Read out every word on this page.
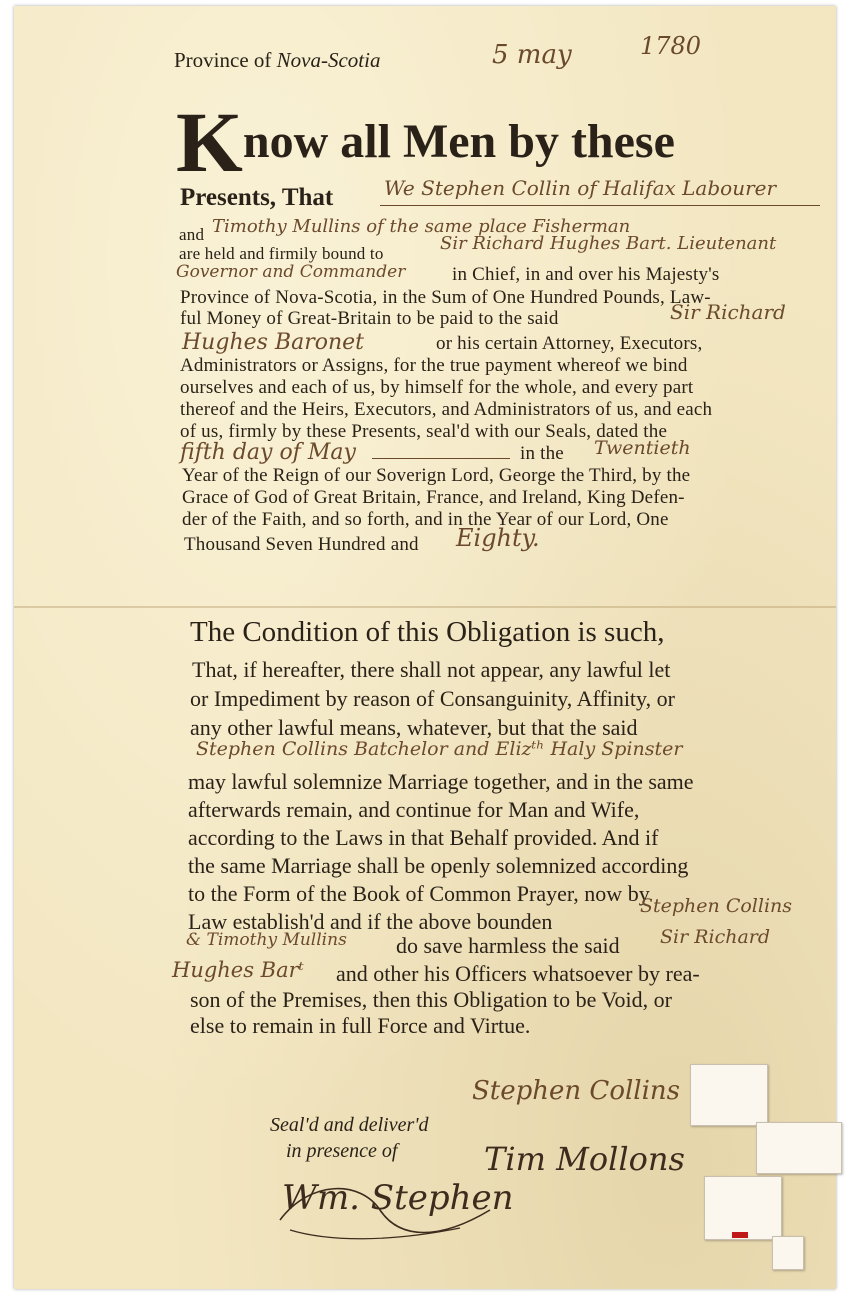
Province of Nova-Scotia	5 may	1780
Know all Men by these
Presents, That	We Stephen Collin of Halifax Labourer
and Timothy Mullins of the same place Fisherman
are held and firmily bound to	Sir Richard Hughes Bart. Lieutenant
Governor and Commander in Chief, in and over his Majesty's
Province of Nova-Scotia, in the Sum of One Hundred Pounds, Law-
ful Money of Great-Britain to be paid to the said	Sir Richard
Hughes Baronet	or his certain Attorney, Executors,
Administrators or Assigns, for the true payment whereof we bind
ourselves and each of us, by himself for the whole, and every part
thereof and the Heirs, Executors, and Administrators of us, and each
of us, firmly by these Presents, seal'd with our Seals, dated the
fifth day of May	in the Twentieth
Year of the Reign of our Soverign Lord, George the Third, by the
Grace of God of Great Britain, France, and Ireland, King Defen-
der of the Faith, and so forth, and in the Year of our Lord, One
Thousand Seven Hundred and Eighty.
The Condition of this Obligation is such,
That, if hereafter, there shall not appear, any lawful let
or Impediment by reason of Consanguinity, Affinity, or
any other lawful means, whatever, but that the said
Stephen Collins Batchelor and Elizᵗʰ Haly Spinster
may lawful solemnize Marriage together, and in the same
afterwards remain, and continue for Man and Wife,
according to the Laws in that Behalf provided. And if
the same Marriage shall be openly solemnized according
to the Form of the Book of Common Prayer, now by
Law establish'd and if the above bounden
Stephen Collins
& Timothy Mullins do save harmless the said Sir Richard
Hughes Barᵗ and other his Officers whatsoever by rea-
son of the Premises, then this Obligation to be Void, or
else to remain in full Force and Virtue.
Seal'd and deliver'd
in presence of
Stephen Collins
Tim Mollons
Wm. Stephen
